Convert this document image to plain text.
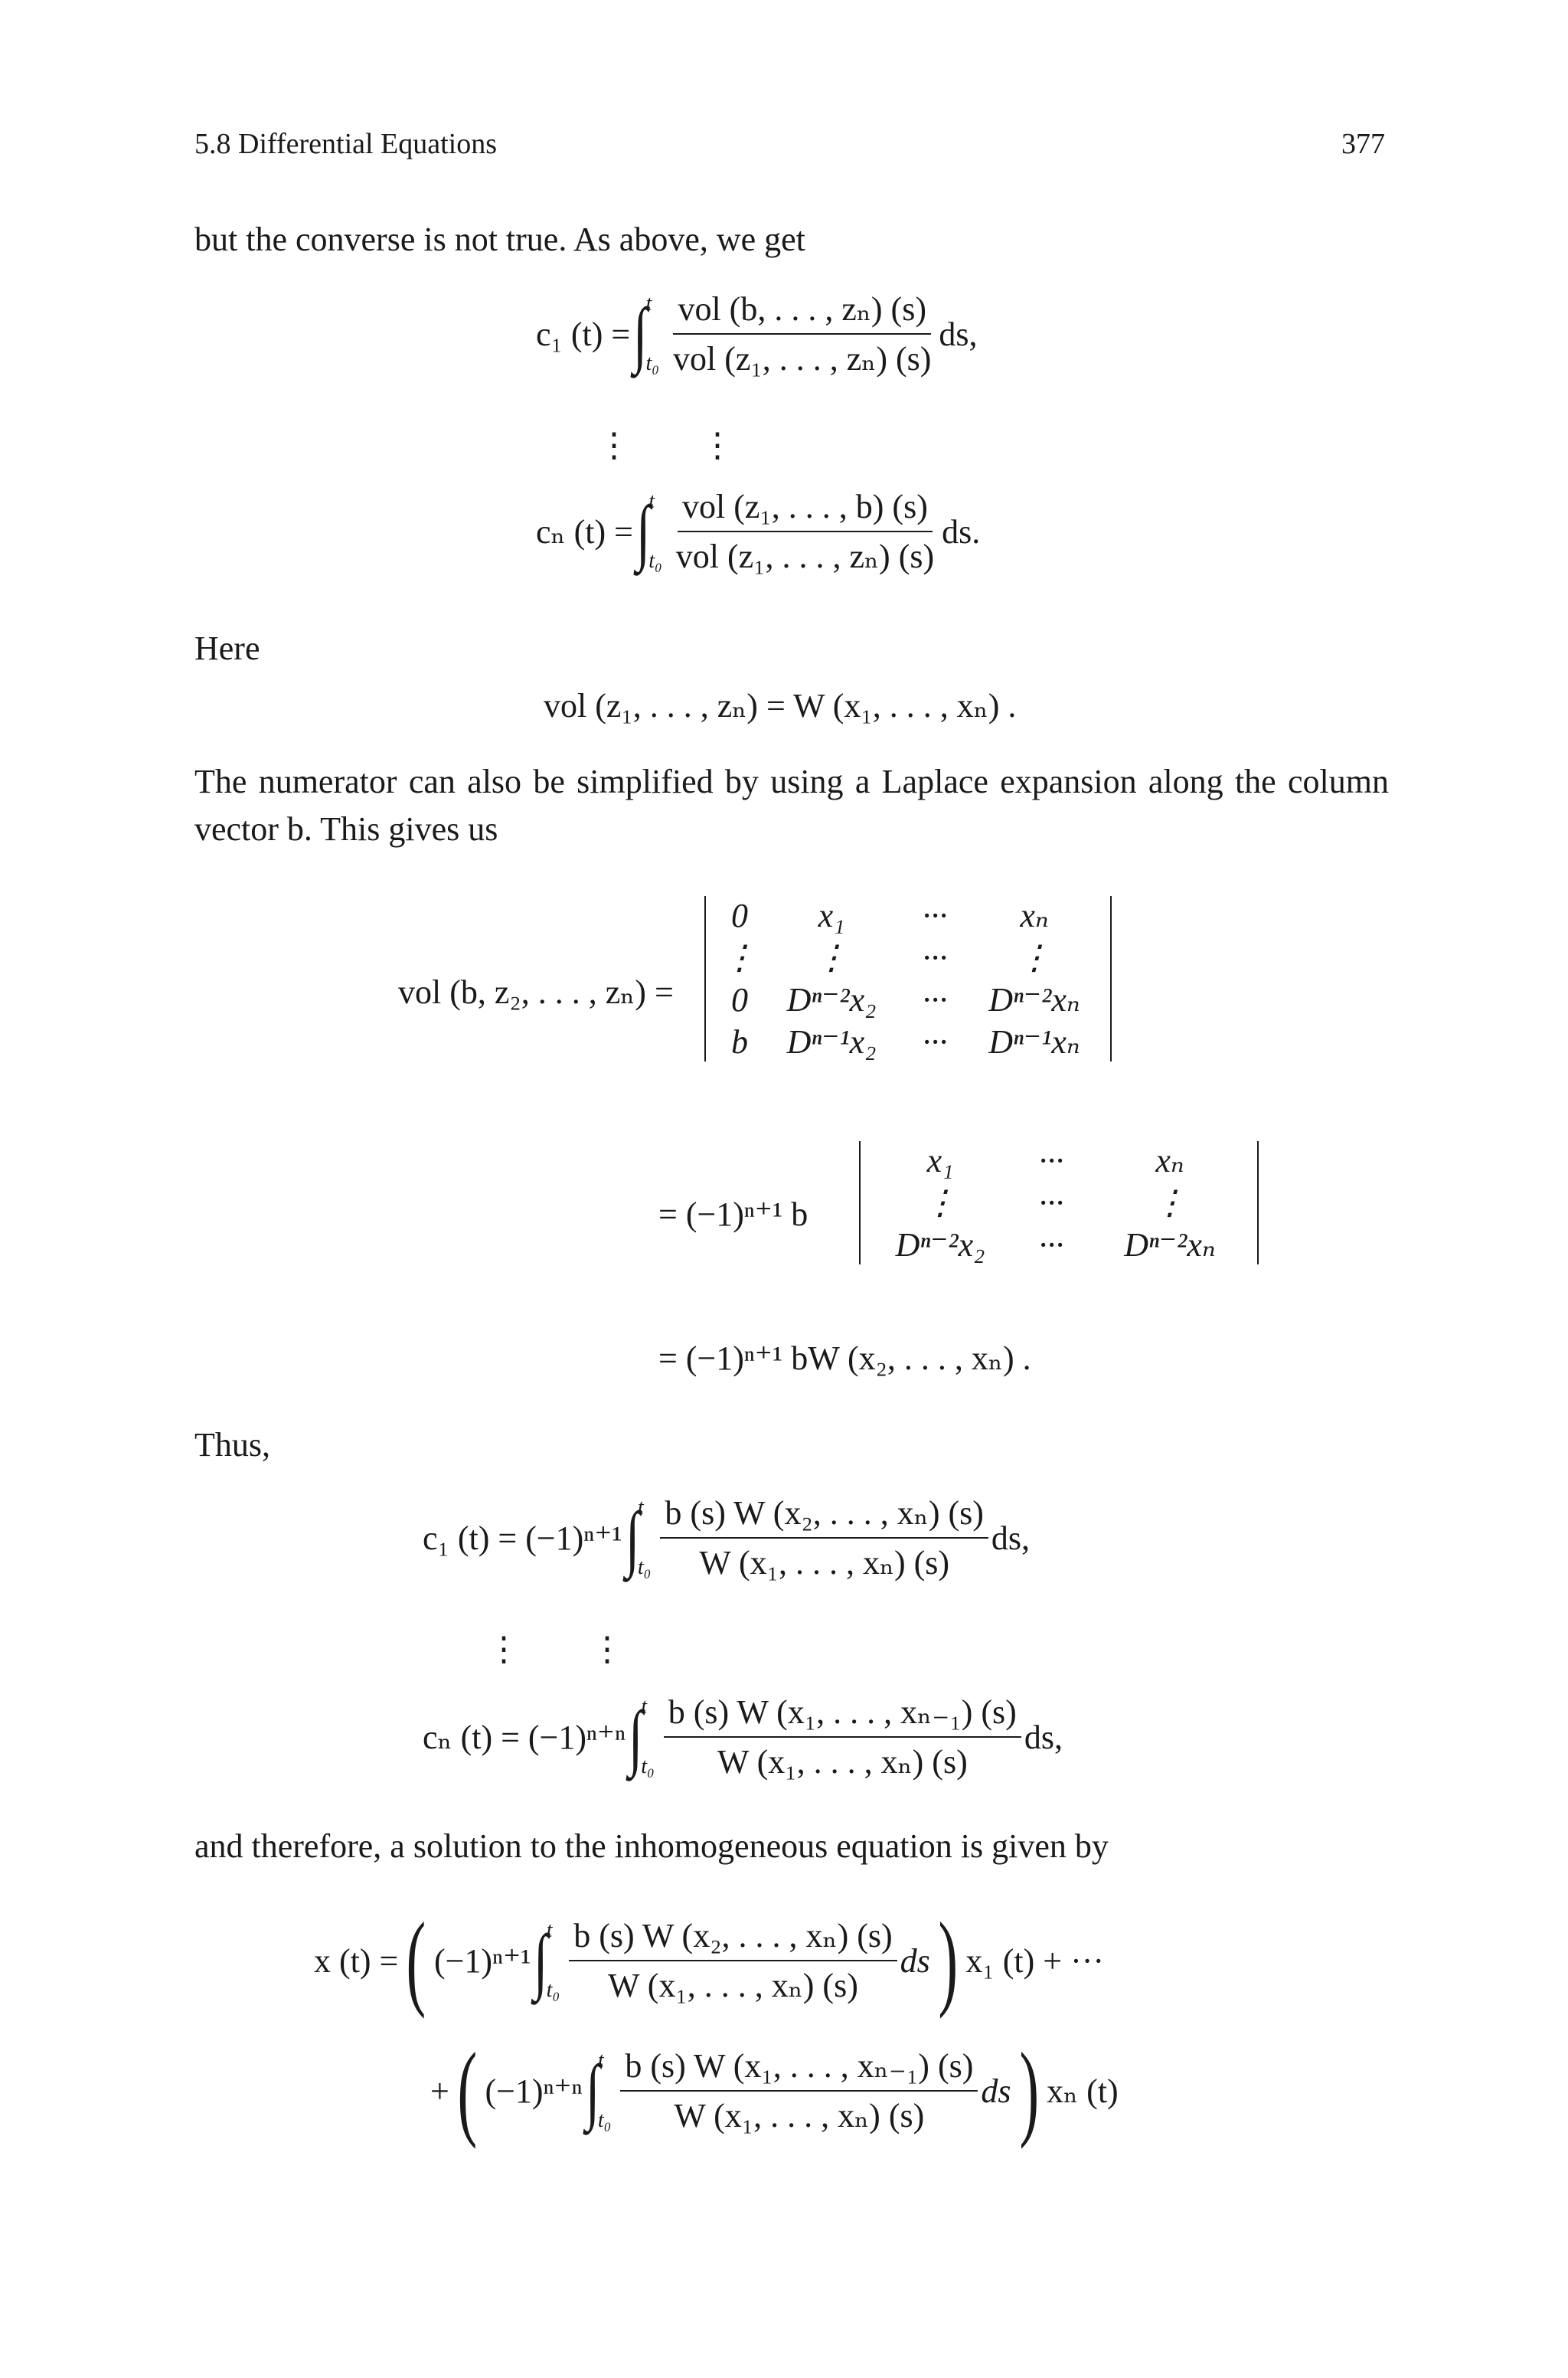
5.8 Differential Equations	377
but the converse is not true. As above, we get
c₁ (t) = ∫
t
$t_0 \frac{\text{vol (b, . . . , zₙ) (s)}}{\text{vol (z₁, . . . , zₙ) (s)}}$ ds,
⋮ ⋮
cₙ (t) = ∫
t
$t_0 \frac{\text{vol (z₁, . . . , b) (s)}}{\text{vol (z₁, . . . , zₙ) (s)}}$ ds.
Here
vol (z₁, . . . , zₙ) = W (x₁, . . . , xₙ) .
The numerator can also be simplified by using a Laplace expansion along the column vector b. This gives us
vol (b, z₂, . . . , zₙ) =
0	x₁	···	xₙ
⋮	⋮	···	⋮
0	Dⁿ⁻²x₂	···	Dⁿ⁻²xₙ
b	Dⁿ⁻¹x₂	···	Dⁿ⁻¹xₙ
= (−1)ⁿ⁺¹ b
x₁	···	xₙ
⋮	···	⋮
Dⁿ⁻²x₂	···	Dⁿ⁻²xₙ
= (−1)ⁿ⁺¹ bW (x₂, . . . , xₙ) .
Thus,
c₁ (t) = (−1)ⁿ⁺¹ ∫
t
$t_0 \frac{\text{b (s) W (x₂, . . . , xₙ) (s)}}{\text{W (x₁, . . . , xₙ) (s)}}$ ds,
⋮ ⋮
cₙ (t) = (−1)ⁿ⁺ⁿ ∫
t
$t_0 \frac{\text{b (s) W (x₁, . . . , xₙ₋₁) (s)}}{\text{W (x₁, . . . , xₙ) (s)}}$ ds,
and therefore, a solution to the inhomogeneous equation is given by
x (t) = ( (−1)ⁿ⁺¹ ∫
t
$t_0 \frac{\text{b (s) W (x₂, . . . , xₙ) (s)}}{\text{W (x₁, . . . , xₙ) (s)}}$ ds ) x₁ (t) + ···
+ ( (−1)ⁿ⁺ⁿ ∫
t
$t_0 \frac{\text{b (s) W (x₁, . . . , xₙ₋₁) (s)}}{\text{W (x₁, . . . , xₙ) (s)}}$ ds ) xₙ (t)
